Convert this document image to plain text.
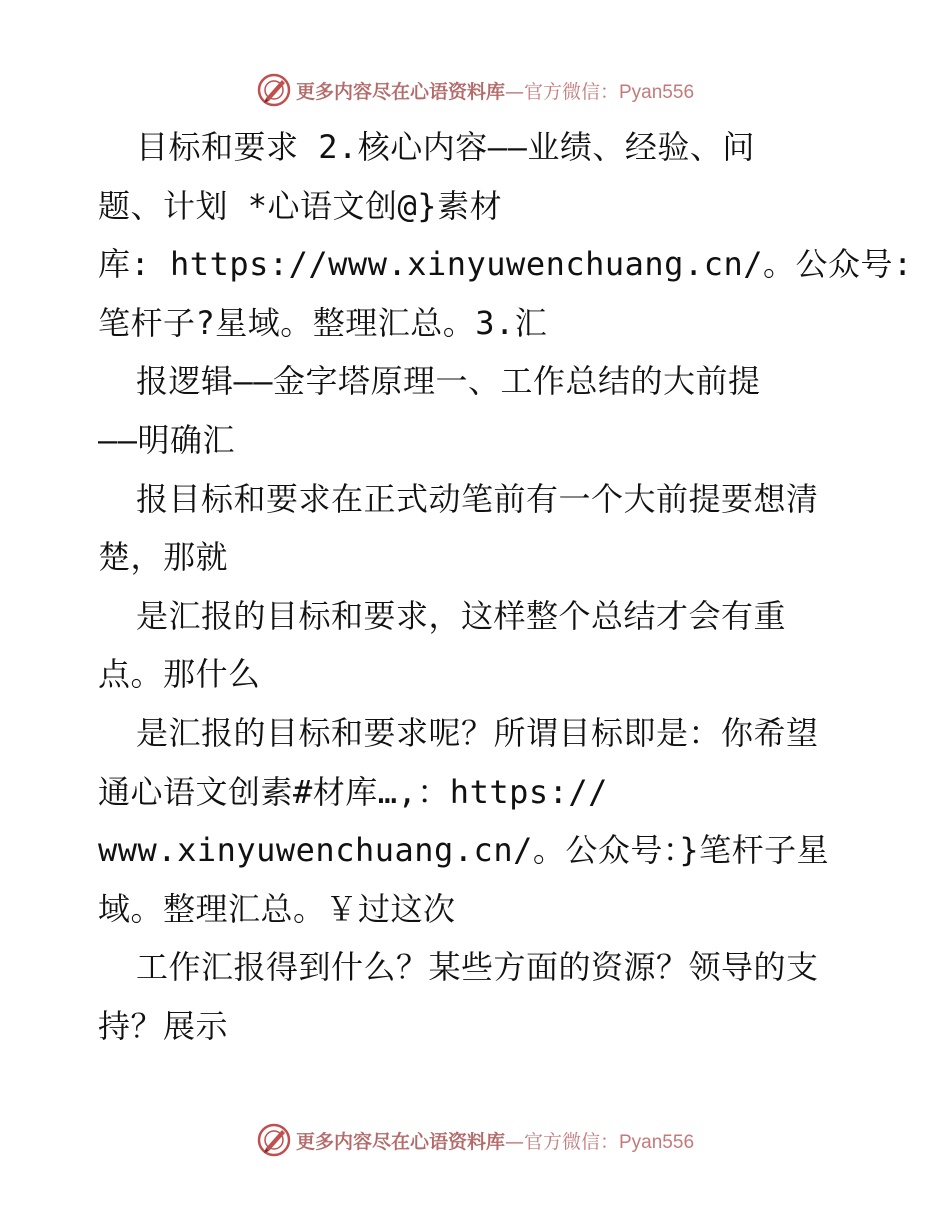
更多内容尽在心语资料库—官方微信：Pyan556
目标和要求 2.核心内容——业绩、经验、问
题、计划 *心语文创@}素材
库: https://www.xinyuwenchuang.cn/。公众号:
笔杆子?星域。整理汇总。3.汇
报逻辑——金字塔原理一、工作总结的大前提
——明确汇
报目标和要求在正式动笔前有一个大前提要想清
楚，那就
是汇报的目标和要求，这样整个总结才会有重
点。那什么
是汇报的目标和要求呢？所谓目标即是：你希望
通心语文创素#材库…,：https://
www.xinyuwenchuang.cn/。公众号：}笔杆子星
域。整理汇总。￥过这次
工作汇报得到什么？某些方面的资源？领导的支
持？展示
更多内容尽在心语资料库—官方微信：Pyan556
